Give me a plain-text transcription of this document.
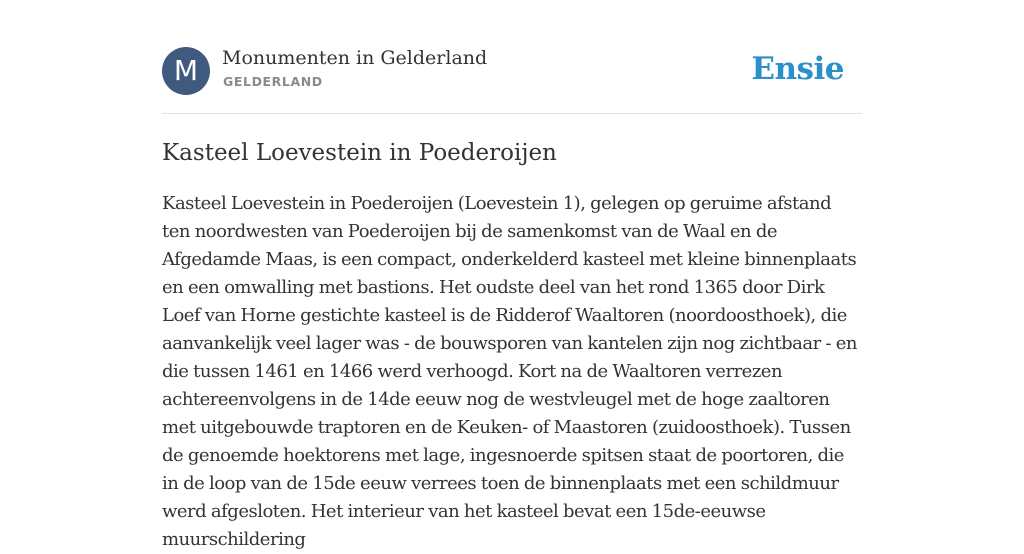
M	Monumenten in Gelderland
GELDERLAND	Ensie
Kasteel Loevestein in Poederoijen

Kasteel Loevestein in Poederoijen (Loevestein 1), gelegen op geruime afstand ten noordwesten van Poederoijen bij de samenkomst van de Waal en de Afgedamde Maas, is een compact, onderkelderd kasteel met kleine binnenplaats en een omwalling met bastions. Het oudste deel van het rond 1365 door Dirk Loef van Horne gestichte kasteel is de Ridderof Waaltoren (noordoosthoek), die aanvankelijk veel lager was - de bouwsporen van kantelen zijn nog zichtbaar - en die tussen 1461 en 1466 werd verhoogd. Kort na de Waaltoren verrezen achtereenvolgens in de 14de eeuw nog de westvleugel met de hoge zaaltoren met uitgebouwde traptoren en de Keuken- of Maastoren (zuidoosthoek). Tussen de genoemde hoektorens met lage, ingesnoerde spitsen staat de poortoren, die in de loop van de 15de eeuw verrees toen de binnenplaats met een schildmuur werd afgesloten. Het interieur van het kasteel bevat een 15de-eeuwse muurschildering
